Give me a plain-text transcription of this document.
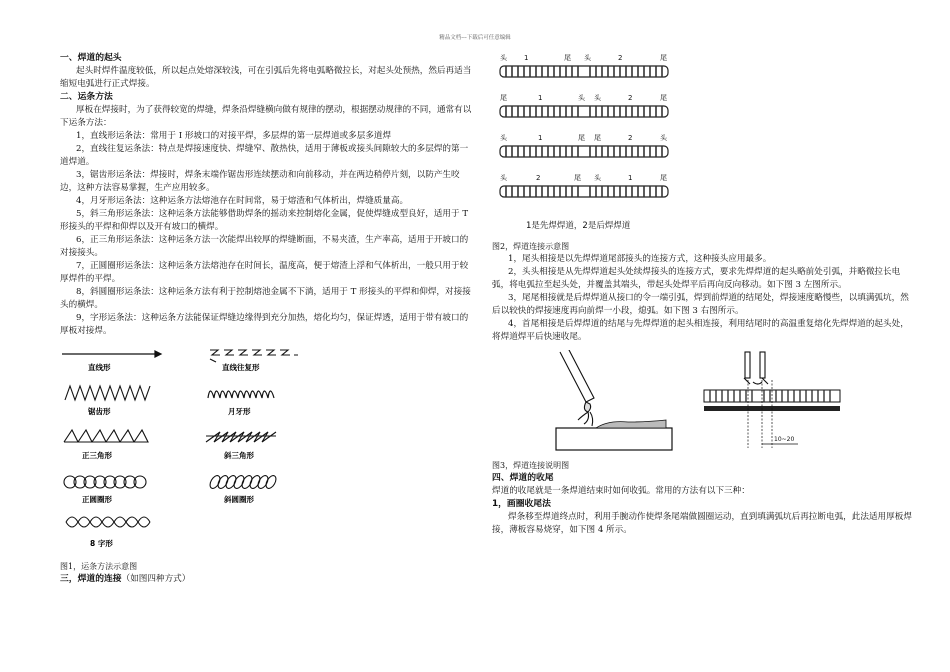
精品文档---下载后可任意编辑
一、焊道的起头

起头时焊件温度较低，所以起点处熔深较浅，可在引弧后先将电弧略微拉长，对起头处预热，然后再适当缩短电弧进行正式焊接。

二、运条方法

厚板在焊接时，为了获得较宽的焊缝，焊条沿焊缝横向做有规律的摆动，根据摆动规律的不同，通常有以下运条方法：

1，直线形运条法：常用于 I 形坡口的对接平焊，多层焊的第一层焊道或多层多道焊

2，直线往复运条法：特点是焊接速度快、焊缝窄、散热快，适用于薄板或接头间隙较大的多层焊的第一道焊道。

3，锯齿形运条法：焊接时，焊条末端作锯齿形连续摆动和向前移动，并在两边稍停片刻，以防产生咬边，这种方法容易掌握，生产应用较多。

4，月牙形运条法：这种运条方法熔池存在时间常，易于熔渣和气体析出，焊缝质量高。

5，斜三角形运条法：这种运条方法能够借助焊条的摇动来控制熔化金属，促使焊缝成型良好，适用于 T 形接头的平焊和仰焊以及开有坡口的横焊。

6，正三角形运条法：这种运条方法一次能焊出较厚的焊缝断面，不易夹渣，生产率高，适用于开坡口的对接接头。

7，正圆圈形运条法：这种运条方法熔池存在时间长，温度高，便于熔渣上浮和气体析出，一般只用于较厚焊件的平焊。

8，斜圆圈形运条法：这种运条方法有利于控制熔池金属不下淌，适用于 T 形接头的平焊和仰焊，对接接头的横焊。

9，字形运条法：这种运条方法能保证焊缝边缘得到充分加热，熔化均匀，保证焊透，适用于带有坡口的厚板对接焊。

直线形	直线往复形
锯齿形	月牙形
正三角形	斜三角形
正圆圈形	斜圆圈形
8 字形
图1，运条方法示意图
三，焊道的连接（如图四种方式）
头 1	尾 头	2	尾
尾	1	头 头	2	尾
头	1	尾 尾	2	头
头	2	尾 头	1	尾
1是先焊焊道，2是后焊焊道
图2，焊道连接示意图

1，尾头相接是以先焊焊道尾部接头的连接方式，这种接头应用最多。

2，头头相接是从先焊焊道起头处续焊接头的连接方式，要求先焊焊道的起头略前处引弧，并略微拉长电弧，将电弧拉至起头处，并覆盖其端头，带起头处焊平后再向反向移动。如下图 3 左图所示。

3，尾尾相接就是后焊焊道从接口的令一端引弧，焊到前焊道的结尾处，焊接速度略慢些，以填满弧坑，然后以较快的焊接速度再向前焊一小段，熄弧。如下图 3 右图所示。

4，首尾相接是后焊焊道的结尾与先焊焊道的起头相连接，利用结尾时的高温重复熔化先焊焊道的起头处，将焊道焊平后快速收尾。

10~20
图3，焊道连接说明图
四、焊道的收尾

焊道的收尾就是一条焊道结束时如何收弧。常用的方法有以下三种：

1，画圈收尾法

焊条移至焊道终点时，利用手腕动作使焊条尾端做圆圈运动，直到填满弧坑后再拉断电弧，此法适用厚板焊接，薄板容易烧穿，如下图 4 所示。
